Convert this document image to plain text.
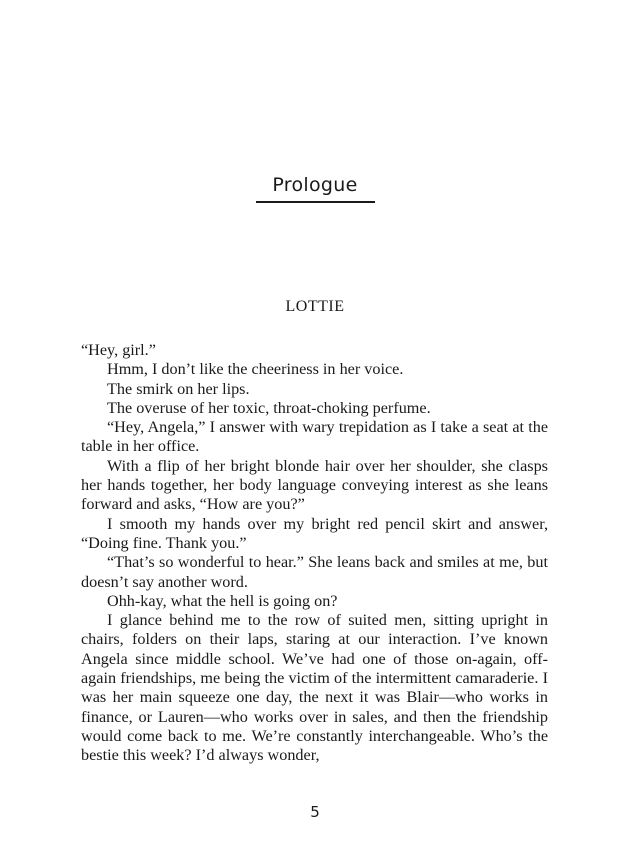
Prologue
LOTTIE

“Hey, girl.”

Hmm, I don’t like the cheeriness in her voice.

The smirk on her lips.

The overuse of her toxic, throat-choking perfume.

“Hey, Angela,” I answer with wary trepidation as I take a seat at the table in her office.

With a flip of her bright blonde hair over her shoulder, she clasps her hands together, her body language conveying interest as she leans forward and asks, “How are you?”

I smooth my hands over my bright red pencil skirt and answer, “Doing fine. Thank you.”

“That’s so wonderful to hear.” She leans back and smiles at me, but doesn’t say another word.

Ohh-kay, what the hell is going on?

I glance behind me to the row of suited men, sitting upright in chairs, folders on their laps, staring at our interaction. I’ve known Angela since middle school. We’ve had one of those on-again, off-again friendships, me being the victim of the intermittent camaraderie. I was her main squeeze one day, the next it was Blair—who works in finance, or Lauren—who works over in sales, and then the friendship would come back to me. We’re constantly interchangeable. Who’s the bestie this week? I’d always wonder,

5
